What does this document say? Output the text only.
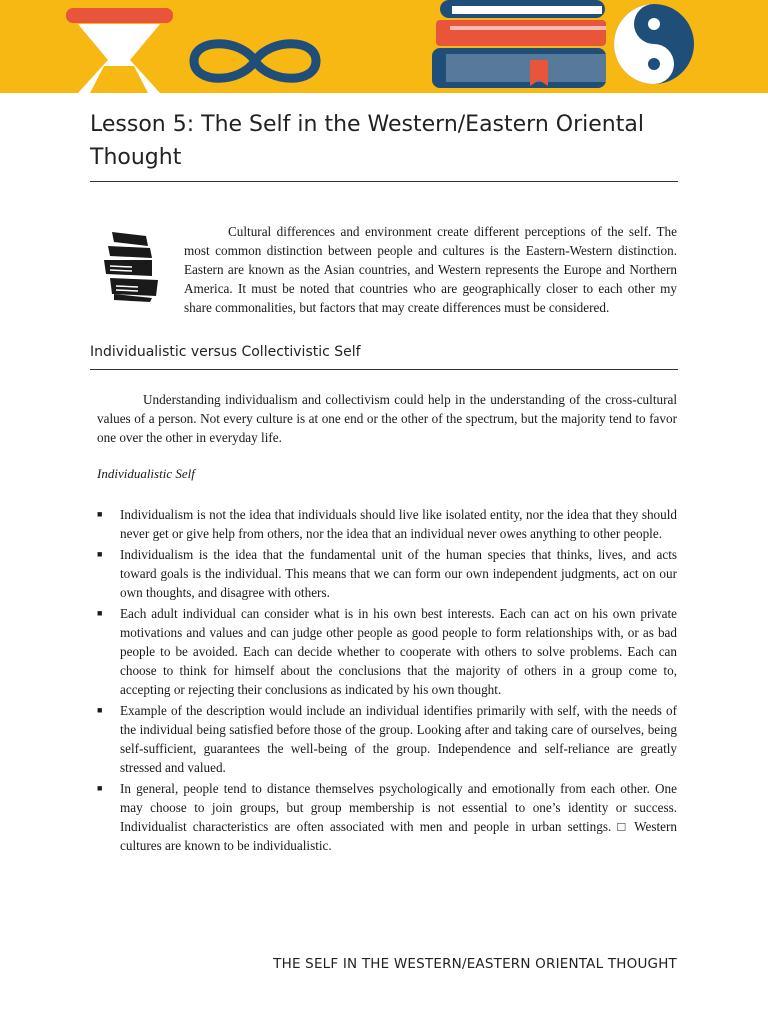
Lesson 5: The Self in the Western/Eastern Oriental Thought

Cultural differences and environment create different perceptions of the self. The most common distinction between people and cultures is the Eastern-Western distinction. Eastern are known as the Asian countries, and Western represents the Europe and Northern America. It must be noted that countries who are geographically closer to each other my share commonalities, but factors that may create differences must be considered.

Individualistic versus Collectivistic Self

Understanding individualism and collectivism could help in the understanding of the cross-cultural values of a person. Not every culture is at one end or the other of the spectrum, but the majority tend to favor one over the other in everyday life.

Individualistic Self

■ Individualism is not the idea that individuals should live like isolated entity, nor the idea that they should never get or give help from others, nor the idea that an individual never owes anything to other people.
■ Individualism is the idea that the fundamental unit of the human species that thinks, lives, and acts toward goals is the individual. This means that we can form our own independent judgments, act on our own thoughts, and disagree with others.
■ Each adult individual can consider what is in his own best interests. Each can act on his own private motivations and values and can judge other people as good people to form relationships with, or as bad people to be avoided. Each can decide whether to cooperate with others to solve problems. Each can choose to think for himself about the conclusions that the majority of others in a group come to, accepting or rejecting their conclusions as indicated by his own thought.
■ Example of the description would include an individual identifies primarily with self, with the needs of the individual being satisfied before those of the group. Looking after and taking care of ourselves, being self-sufficient, guarantees the well-being of the group. Independence and self-reliance are greatly stressed and valued.
■ In general, people tend to distance themselves psychologically and emotionally from each other. One may choose to join groups, but group membership is not essential to one’s identity or success. Individualist characteristics are often associated with men and people in urban settings. □ Western cultures are known to be individualistic.

THE SELF IN THE WESTERN/EASTERN ORIENTAL THOUGHT
